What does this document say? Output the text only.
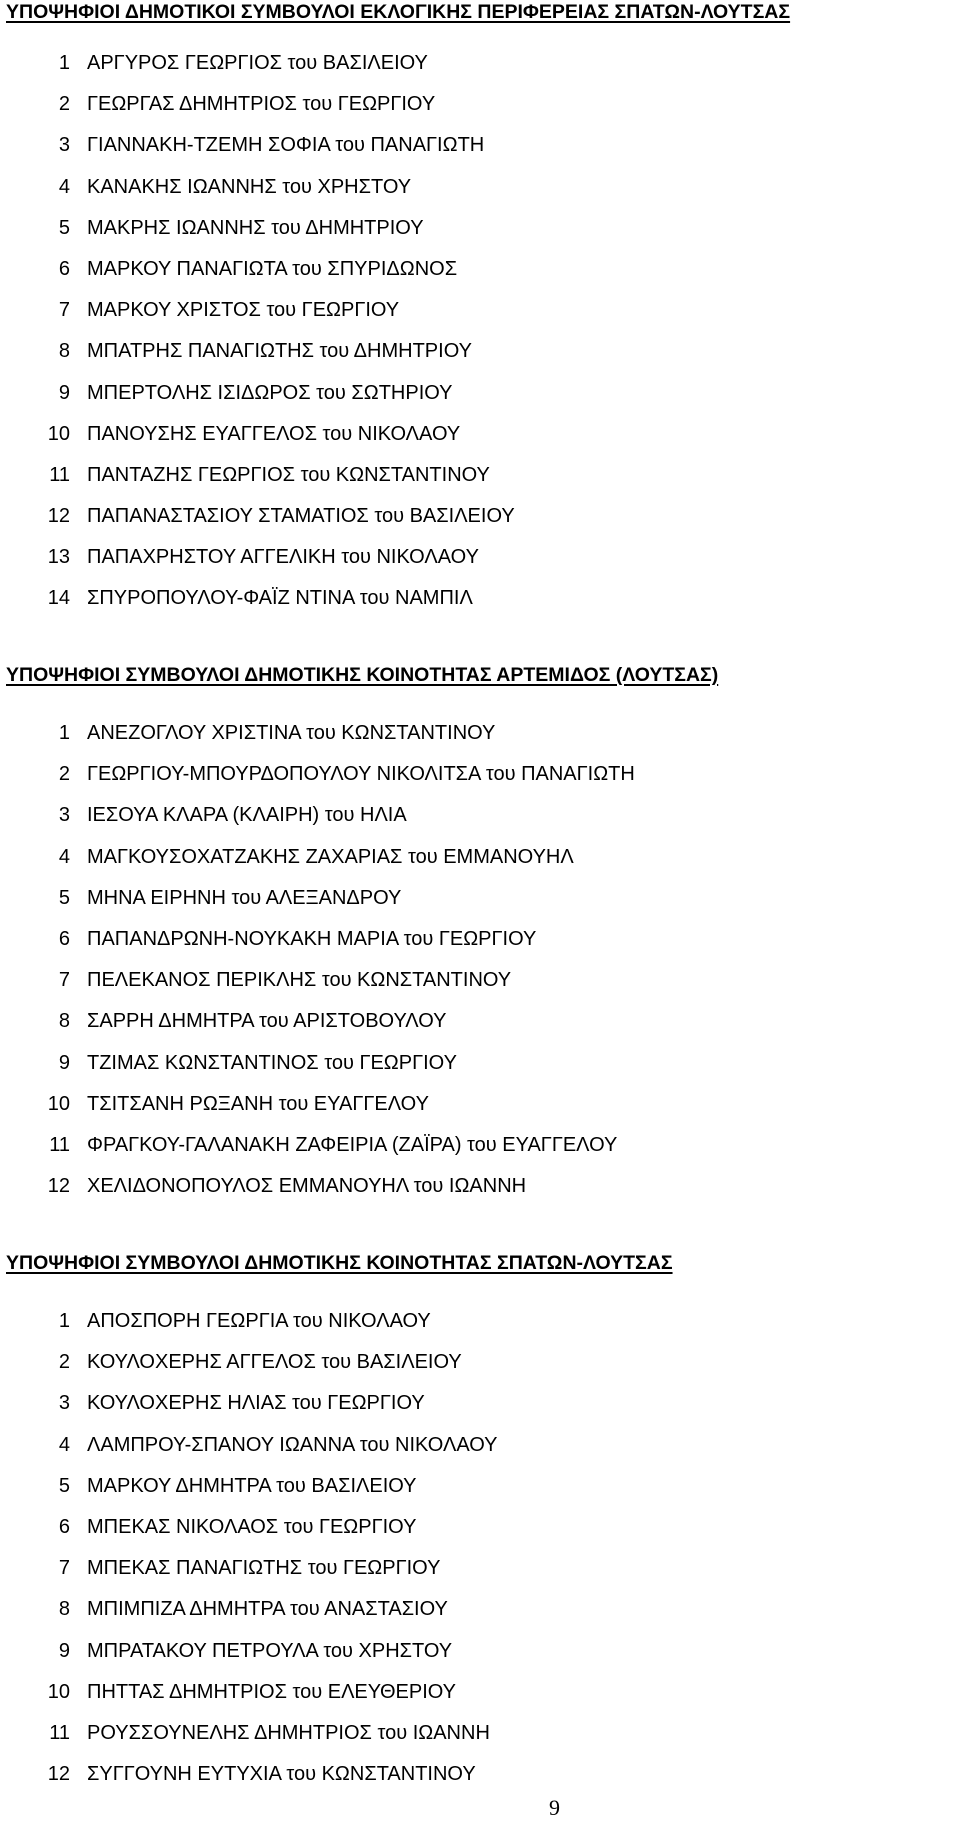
ΥΠΟΨΗΦΙΟΙ ΔΗΜΟΤΙΚΟΙ ΣΥΜΒΟΥΛΟΙ ΕΚΛΟΓΙΚΗΣ ΠΕΡΙΦΕΡΕΙΑΣ ΣΠΑΤΩΝ-ΛΟΥΤΣΑΣ
1 ΑΡΓΥΡΟΣ ΓΕΩΡΓΙΟΣ του ΒΑΣΙΛΕΙΟΥ
2 ΓΕΩΡΓΑΣ ΔΗΜΗΤΡΙΟΣ του ΓΕΩΡΓΙΟΥ
3 ΓΙΑΝΝΑΚΗ-ΤΖΕΜΗ ΣΟΦΙΑ του ΠΑΝΑΓΙΩΤΗ
4 ΚΑΝΑΚΗΣ ΙΩΑΝΝΗΣ του ΧΡΗΣΤΟΥ
5 ΜΑΚΡΗΣ ΙΩΑΝΝΗΣ του ΔΗΜΗΤΡΙΟΥ
6 ΜΑΡΚΟΥ ΠΑΝΑΓΙΩΤΑ του ΣΠΥΡΙΔΩΝΟΣ
7 ΜΑΡΚΟΥ ΧΡΙΣΤΟΣ του ΓΕΩΡΓΙΟΥ
8 ΜΠΑΤΡΗΣ ΠΑΝΑΓΙΩΤΗΣ του ΔΗΜΗΤΡΙΟΥ
9 ΜΠΕΡΤΟΛΗΣ ΙΣΙΔΩΡΟΣ του ΣΩΤΗΡΙΟΥ
10 ΠΑΝΟΥΣΗΣ ΕΥΑΓΓΕΛΟΣ του ΝΙΚΟΛΑΟΥ
11 ΠΑΝΤΑΖΗΣ ΓΕΩΡΓΙΟΣ του ΚΩΝΣΤΑΝΤΙΝΟΥ
12 ΠΑΠΑΝΑΣΤΑΣΙΟΥ ΣΤΑΜΑΤΙΟΣ του ΒΑΣΙΛΕΙΟΥ
13 ΠΑΠΑΧΡΗΣΤΟΥ ΑΓΓΕΛΙΚΗ του ΝΙΚΟΛΑΟΥ
14 ΣΠΥΡΟΠΟΥΛΟΥ-ΦΑΪΖ ΝΤΙΝΑ του ΝΑΜΠΙΛ
ΥΠΟΨΗΦΙΟΙ ΣΥΜΒΟΥΛΟΙ ΔΗΜΟΤΙΚΗΣ ΚΟΙΝΟΤΗΤΑΣ ΑΡΤΕΜΙΔΟΣ (ΛΟΥΤΣΑΣ)
1 ΑΝΕΖΟΓΛΟΥ ΧΡΙΣΤΙΝΑ του ΚΩΝΣΤΑΝΤΙΝΟΥ
2 ΓΕΩΡΓΙΟΥ-ΜΠΟΥΡΔΟΠΟΥΛΟΥ ΝΙΚΟΛΙΤΣΑ του ΠΑΝΑΓΙΩΤΗ
3 ΙΕΣΟΥΑ ΚΛΑΡΑ (ΚΛΑΙΡΗ) του ΗΛΙΑ
4 ΜΑΓΚΟΥΣΟΧΑΤΖΑΚΗΣ ΖΑΧΑΡΙΑΣ του ΕΜΜΑΝΟΥΗΛ
5 ΜΗΝΑ ΕΙΡΗΝΗ του ΑΛΕΞΑΝΔΡΟΥ
6 ΠΑΠΑΝΔΡΩΝΗ-ΝΟΥΚΑΚΗ ΜΑΡΙΑ του ΓΕΩΡΓΙΟΥ
7 ΠΕΛΕΚΑΝΟΣ ΠΕΡΙΚΛΗΣ του ΚΩΝΣΤΑΝΤΙΝΟΥ
8 ΣΑΡΡΗ ΔΗΜΗΤΡΑ του ΑΡΙΣΤΟΒΟΥΛΟΥ
9 ΤΖΙΜΑΣ ΚΩΝΣΤΑΝΤΙΝΟΣ του ΓΕΩΡΓΙΟΥ
10 ΤΣΙΤΣΑΝΗ ΡΩΞΑΝΗ του ΕΥΑΓΓΕΛΟΥ
11 ΦΡΑΓΚΟΥ-ΓΑΛΑΝΑΚΗ ΖΑΦΕΙΡΙΑ (ΖΑΪΡΑ) του ΕΥΑΓΓΕΛΟΥ
12 ΧΕΛΙΔΟΝΟΠΟΥΛΟΣ ΕΜΜΑΝΟΥΗΛ του ΙΩΑΝΝΗ
ΥΠΟΨΗΦΙΟΙ ΣΥΜΒΟΥΛΟΙ ΔΗΜΟΤΙΚΗΣ ΚΟΙΝΟΤΗΤΑΣ ΣΠΑΤΩΝ-ΛΟΥΤΣΑΣ
1 ΑΠΟΣΠΟΡΗ ΓΕΩΡΓΙΑ του ΝΙΚΟΛΑΟΥ
2 ΚΟΥΛΟΧΕΡΗΣ ΑΓΓΕΛΟΣ του ΒΑΣΙΛΕΙΟΥ
3 ΚΟΥΛΟΧΕΡΗΣ ΗΛΙΑΣ του ΓΕΩΡΓΙΟΥ
4 ΛΑΜΠΡΟΥ-ΣΠΑΝΟΥ ΙΩΑΝΝΑ του ΝΙΚΟΛΑΟΥ
5 ΜΑΡΚΟΥ ΔΗΜΗΤΡΑ του ΒΑΣΙΛΕΙΟΥ
6 ΜΠΕΚΑΣ ΝΙΚΟΛΑΟΣ του ΓΕΩΡΓΙΟΥ
7 ΜΠΕΚΑΣ ΠΑΝΑΓΙΩΤΗΣ του ΓΕΩΡΓΙΟΥ
8 ΜΠΙΜΠΙΖΑ ΔΗΜΗΤΡΑ του ΑΝΑΣΤΑΣΙΟΥ
9 ΜΠΡΑΤΑΚΟΥ ΠΕΤΡΟΥΛΑ του ΧΡΗΣΤΟΥ
10 ΠΗΤΤΑΣ ΔΗΜΗΤΡΙΟΣ του ΕΛΕΥΘΕΡΙΟΥ
11 ΡΟΥΣΣΟΥΝΕΛΗΣ ΔΗΜΗΤΡΙΟΣ του ΙΩΑΝΝΗ
12 ΣΥΓΓΟΥΝΗ ΕΥΤΥΧΙΑ του ΚΩΝΣΤΑΝΤΙΝΟΥ
9
